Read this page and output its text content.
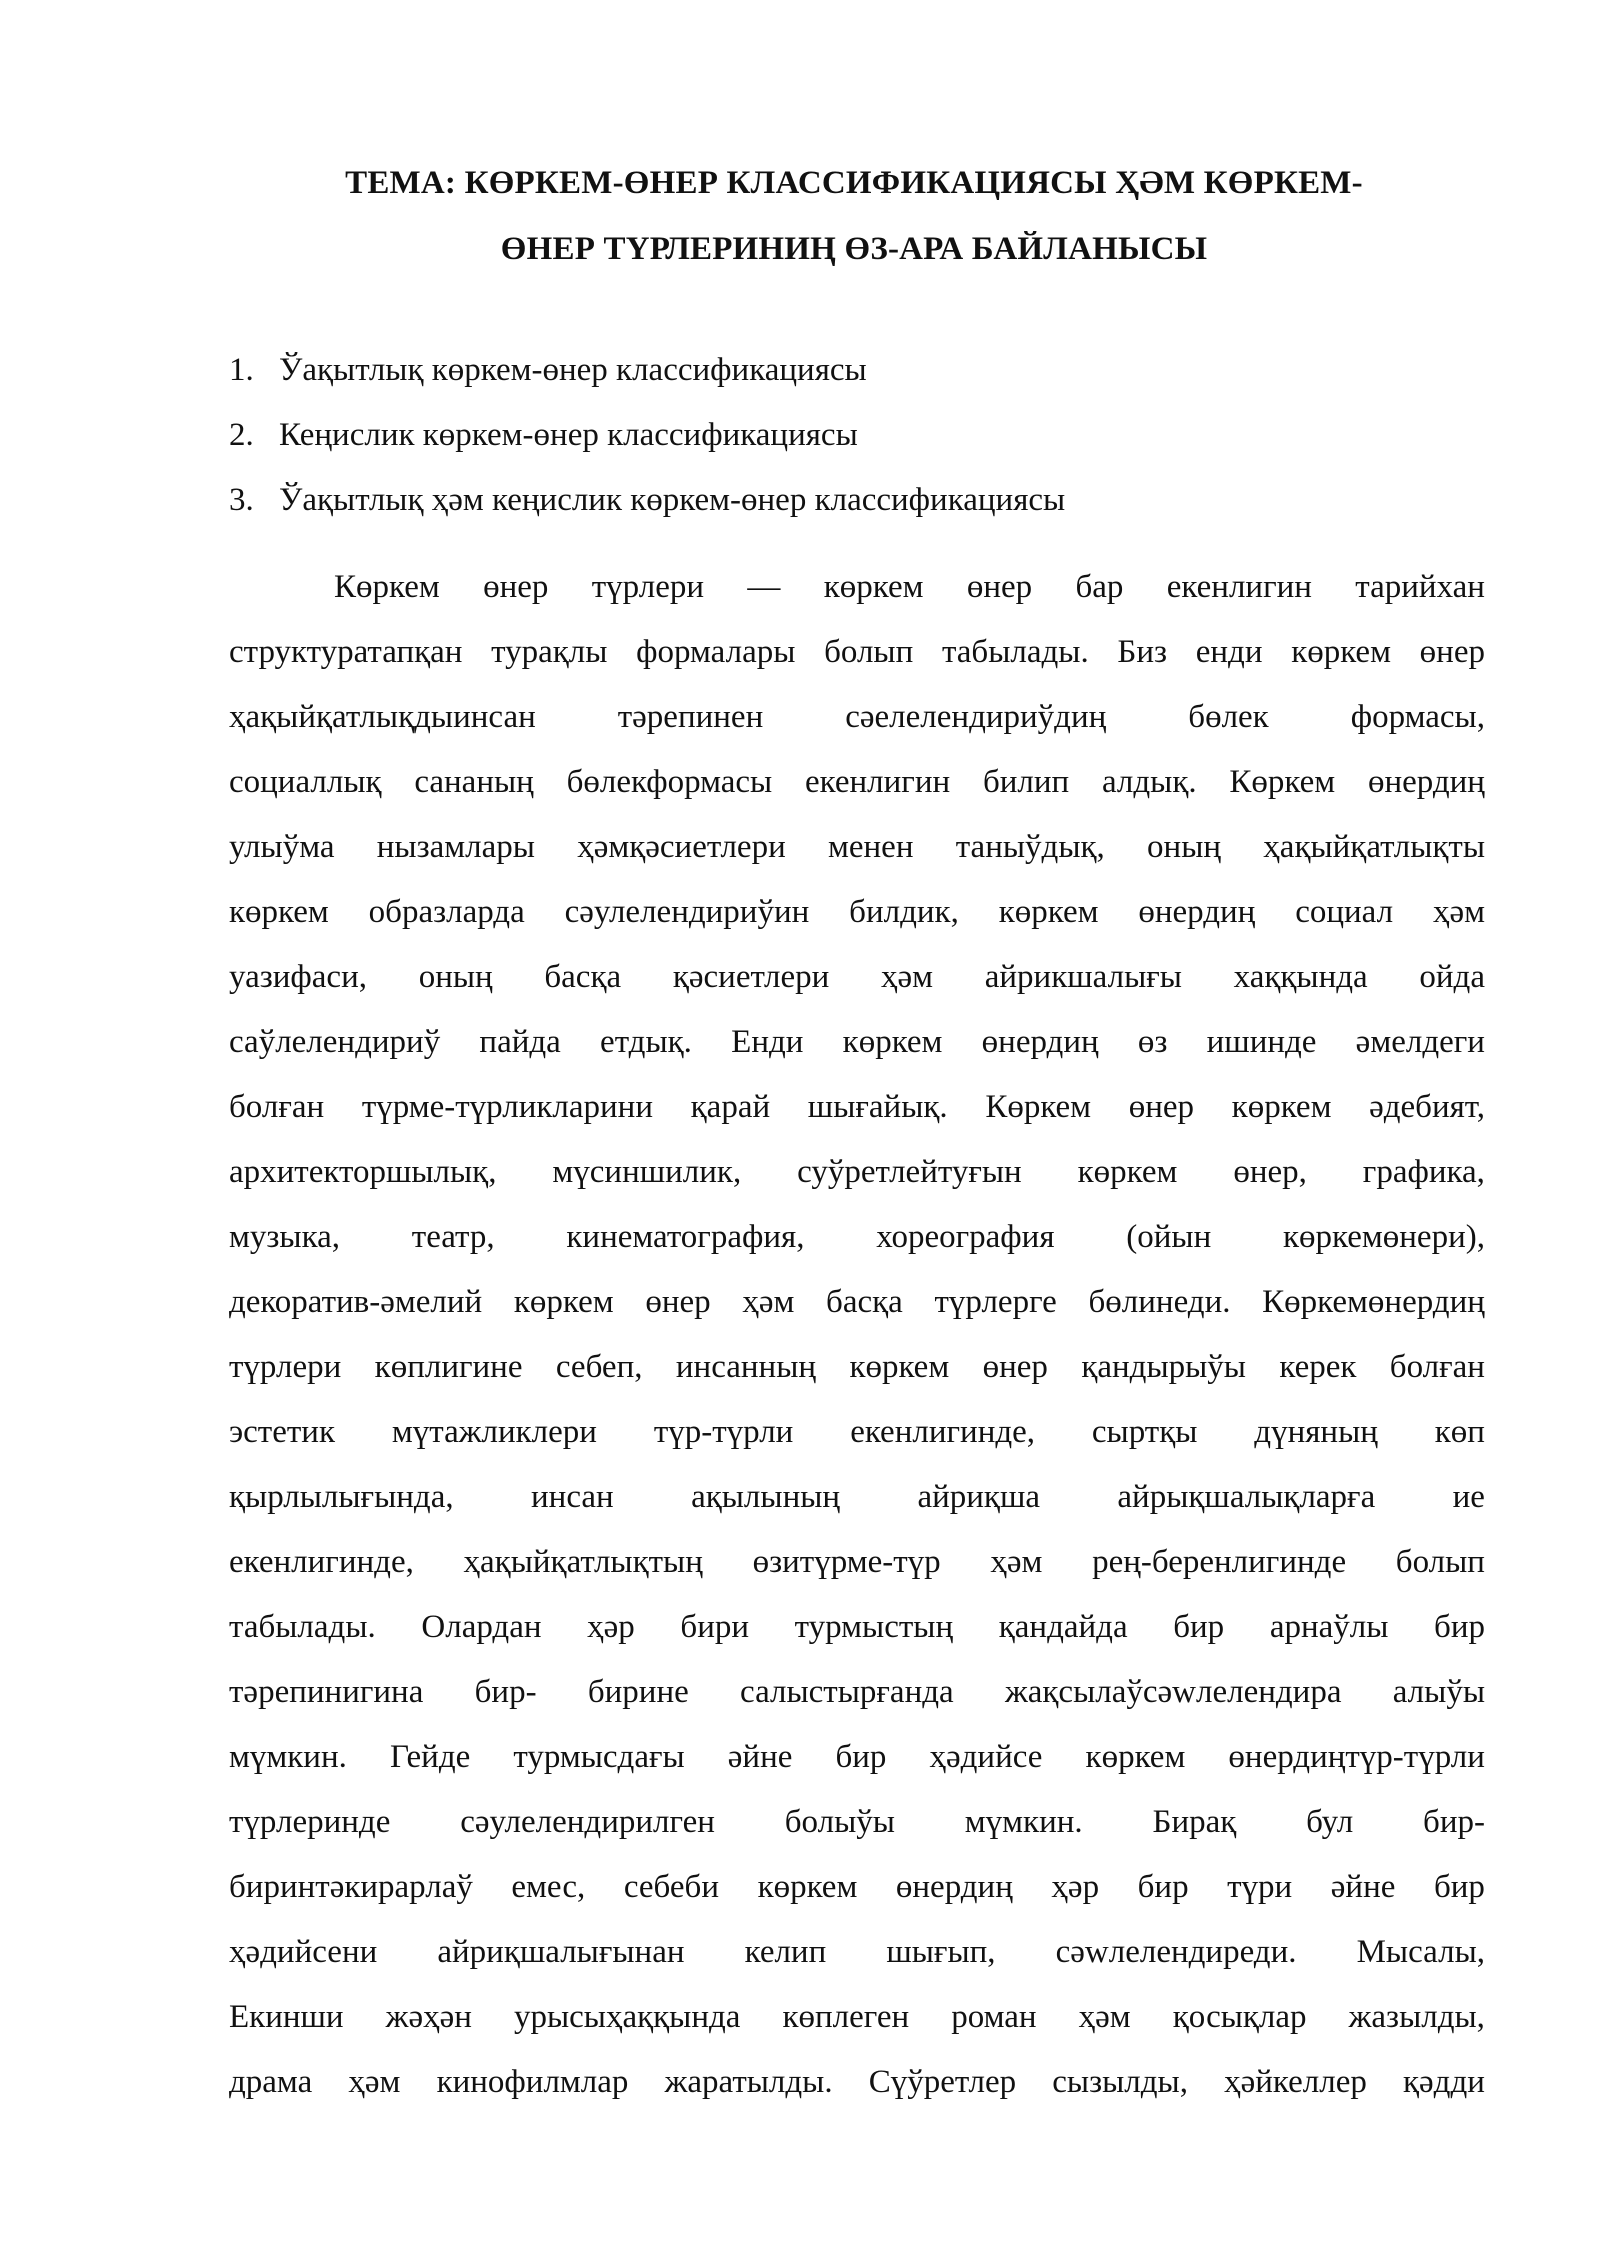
ТЕМА: КӨРКЕМ-ӨНЕР КЛАССИФИКАЦИЯСЫ ҲӘМ КӨРКЕМ-
ӨНЕР ТҮРЛЕРИНИҢ ӨЗ-АРА БАЙЛАНЫСЫ
1. Ўақытлық көркем-өнер классификациясы
2. Кеңислик көркем-өнер классификациясы
3. Ўақытлық ҳәм кеңислик көркем-өнер классификациясы
Көркем өнер түрлери — көркем өнер бар екенлигин тарийхан
структуратапқан турақлы формалары болып табылады. Биз енди көркем өнер
ҳақыйқатлықдыинсан тәрепинен сәелелендириўдиң бөлек формасы,
социаллық сананың бөлекформасы екенлигин билип алдық. Көркем өнердиң
улыўма нызамлары ҳәмқәсиетлери менен таныўдық, оның ҳақыйқатлықты
көркем образларда сәулелендириўин билдик, көркем өнердиң социал ҳәм
уазифаси, оның басқа қәсиетлери ҳәм айрикшалығы хаққында ойда
саўлелендириў пайда етдық. Енди көркем өнердиң өз ишинде әмелдеги
болған түрме-түрликларини қарай шығайық. Көркем өнер көркем әдебият,
архитекторшылық, мүсиншилик, суўретлейтуғын көркем өнер, графика,
музыка, театр, кинематография, хореография (ойын көркемөнери),
декоратив-әмелий көркем өнер ҳәм басқа түрлерге бөлинеди. Көркемөнердиң
түрлери көплигине себеп, инсанның көркем өнер қандырыўы керек болған
эстетик мүтажликлери түр-түрли екенлигинде, сыртқы дүняның көп
қырлылығында, инсан ақылының айриқша айрықшалықларға ие
екенлигинде, ҳақыйқатлықтың өзитүрме-түр ҳәм рең-беренлигинде болып
табылады. Олардан ҳәр бири турмыстың қандайда бир арнаўлы бир
тәрепинигина бир- бирине салыстырғанда жақсылаўсәwлелендира алыўы
мүмкин. Гейде турмысдағы әйне бир ҳәдийсе көркем өнердиңтүр-түрли
түрлеринде сәулелендирилген болыўы мүмкин. Бирақ бул бир-
биринтәкирарлаў емес, себеби көркем өнердиң ҳәр бир түри әйне бир
ҳәдийсени айриқшалығынан келип шығып, сәwлелендиреди. Мысалы,
Екинши жәҳән урысыҳаққында көплеген роман ҳәм қосықлар жазылды,
драма ҳәм кинофилмлар жаратылды. Сүўретлер сызылды, ҳәйкеллер қәдди
